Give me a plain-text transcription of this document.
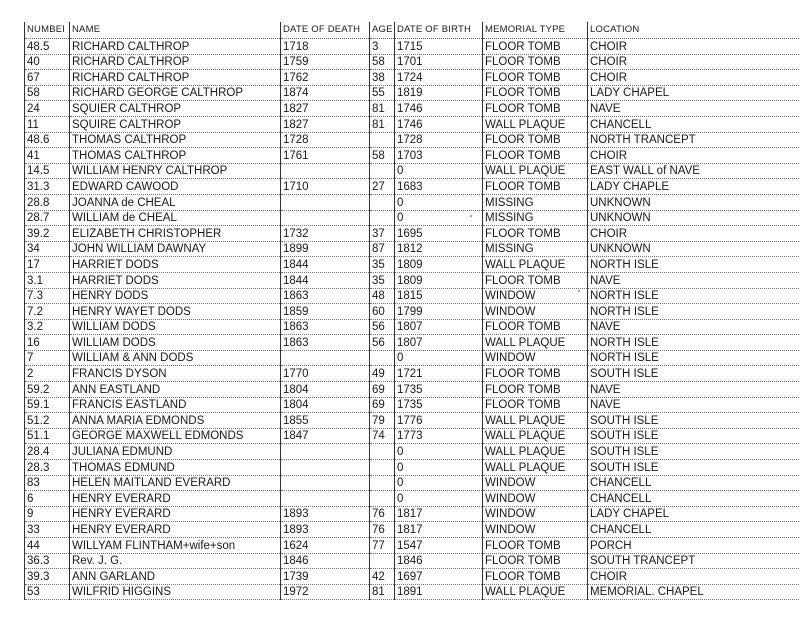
NUMBEI	NAME	DATE OF DEATH	AGE	DATE OF BIRTH	MEMORIAL TYPE	LOCATION
48.5	RICHARD CALTHROP	1718	3	1715	FLOOR TOMB	CHOIR
40	RICHARD CALTHROP	1759	58	1701	FLOOR TOMB	CHOIR
67	RICHARD CALTHROP	1762	38	1724	FLOOR TOMB	CHOIR
58	RICHARD GEORGE CALTHROP	1874	55	1819	FLOOR TOMB	LADY CHAPEL
24	SQUIER CALTHROP	1827	81	1746	FLOOR TOMB	NAVE
11	SQUIRE CALTHROP	1827	81	1746	WALL PLAQUE	CHANCELL
48.6	THOMAS CALTHROP	1728		1728	FLOOR TOMB	NORTH TRANCEPT
41	THOMAS CALTHROP	1761	58	1703	FLOOR TOMB	CHOIR
14.5	WILLIAM HENRY CALTHROP			0	WALL PLAQUE	EAST WALL of NAVE
31.3	EDWARD CAWOOD	1710	27	1683	FLOOR TOMB	LADY CHAPLE
28.8	JOANNA de CHEAL			0	MISSING	UNKNOWN
28.7	WILLIAM de CHEAL			0	MISSING	UNKNOWN
39.2	ELIZABETH CHRISTOPHER	1732	37	1695	FLOOR TOMB	CHOIR
34	JOHN WILLIAM DAWNAY	1899	87	1812	MISSING	UNKNOWN
17	HARRIET DODS	1844	35	1809	WALL PLAQUE	NORTH ISLE
3.1	HARRIET DODS	1844	35	1809	FLOOR TOMB	NAVE
7.3	HENRY DODS	1863	48	1815	WINDOW	NORTH ISLE
7.2	HENRY WAYET DODS	1859	60	1799	WINDOW	NORTH ISLE
3.2	WILLIAM DODS	1863	56	1807	FLOOR TOMB	NAVE
16	WILLIAM DODS	1863	56	1807	WALL PLAQUE	NORTH ISLE
7	WILLIAM & ANN DODS			0	WINDOW	NORTH ISLE
2	FRANCIS DYSON	1770	49	1721	FLOOR TOMB	SOUTH ISLE
59.2	ANN EASTLAND	1804	69	1735	FLOOR TOMB	NAVE
59.1	FRANCIS EASTLAND	1804	69	1735	FLOOR TOMB	NAVE
51.2	ANNA MARIA EDMONDS	1855	79	1776	WALL PLAQUE	SOUTH ISLE
51.1	GEORGE MAXWELL EDMONDS	1847	74	1773	WALL PLAQUE	SOUTH ISLE
28.4	JULIANA EDMUND			0	WALL PLAQUE	SOUTH ISLE
28.3	THOMAS EDMUND			0	WALL PLAQUE	SOUTH ISLE
83	HELEN MAITLAND EVERARD			0	WINDOW	CHANCELL
6	HENRY EVERARD			0	WINDOW	CHANCELL
9	HENRY EVERARD	1893	76	1817	WINDOW	LADY CHAPEL
33	HENRY EVERARD	1893	76	1817	WINDOW	CHANCELL
44	WILLYAM FLINTHAM+wife+son	1624	77	1547	FLOOR TOMB	PORCH
36.3	Rev. J. G.	1846		1846	FLOOR TOMB	SOUTH TRANCEPT
39.3	ANN GARLAND	1739	42	1697	FLOOR TOMB	CHOIR
53	WILFRID HIGGINS	1972	81	1891	WALL PLAQUE	MEMORIAL. CHAPEL
